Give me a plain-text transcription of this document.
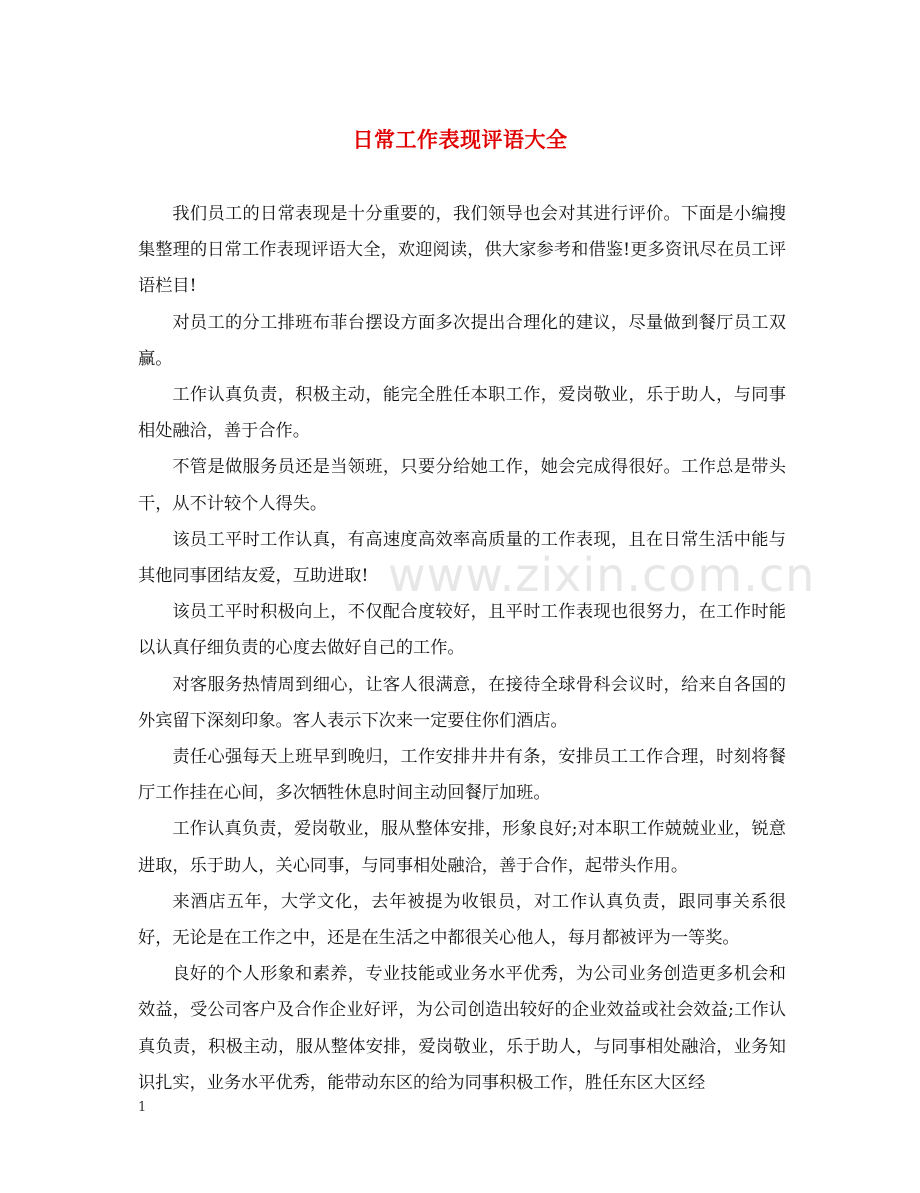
日常工作表现评语大全

我们员工的日常表现是十分重要的，我们领导也会对其进行评价。下面是小编搜集整理的日常工作表现评语大全，欢迎阅读，供大家参考和借鉴!更多资讯尽在员工评语栏目!

对员工的分工排班布菲台摆设方面多次提出合理化的建议，尽量做到餐厅员工双赢。

工作认真负责，积极主动，能完全胜任本职工作，爱岗敬业，乐于助人，与同事相处融洽，善于合作。

不管是做服务员还是当领班，只要分给她工作，她会完成得很好。工作总是带头干，从不计较个人得失。

该员工平时工作认真，有高速度高效率高质量的工作表现，且在日常生活中能与其他同事团结友爱，互助进取!

该员工平时积极向上，不仅配合度较好，且平时工作表现也很努力，在工作时能以认真仔细负责的心度去做好自己的工作。

对客服务热情周到细心，让客人很满意，在接待全球骨科会议时，给来自各国的外宾留下深刻印象。客人表示下次来一定要住你们酒店。

责任心强每天上班早到晚归，工作安排井井有条，安排员工工作合理，时刻将餐厅工作挂在心间，多次牺牲休息时间主动回餐厅加班。

工作认真负责，爱岗敬业，服从整体安排，形象良好;对本职工作兢兢业业，锐意进取，乐于助人，关心同事，与同事相处融洽，善于合作，起带头作用。

来酒店五年，大学文化，去年被提为收银员，对工作认真负责，跟同事关系很好，无论是在工作之中，还是在生活之中都很关心他人，每月都被评为一等奖。

良好的个人形象和素养，专业技能或业务水平优秀，为公司业务创造更多机会和效益，受公司客户及合作企业好评，为公司创造出较好的企业效益或社会效益;工作认真负责，积极主动，服从整体安排，爱岗敬业，乐于助人，与同事相处融洽，业务知识扎实，业务水平优秀，能带动东区的给为同事积极工作，胜任东区大区经

www.zixin.com.cn
1
